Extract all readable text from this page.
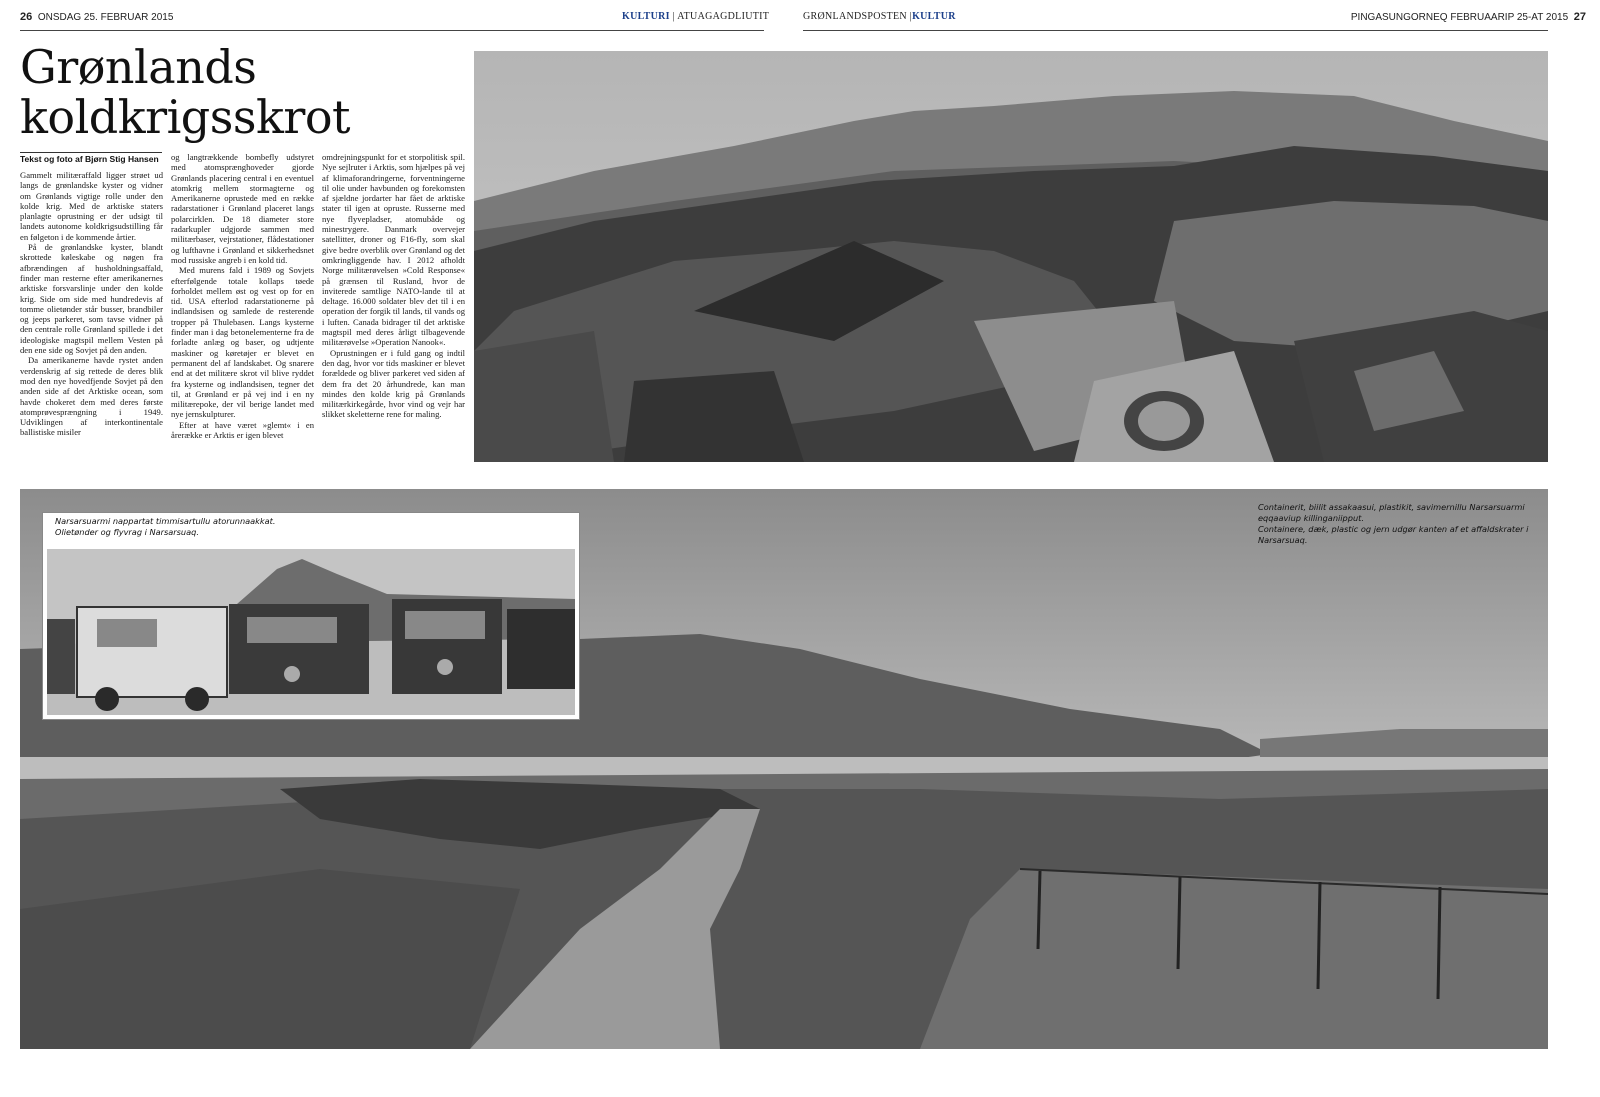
26 ONSDAG 25. FEBRUAR 2015	KULTURI | ATUAGAGDLIUTIT	GRØNLANDSPOSTEN |KULTUR	PINGASUNGORNEQ FEBRUAARIP 25-AT 2015 27
Grønlands
koldkrigsskrot
Tekst og foto af Bjørn Stig Hansen

Gammelt militæraffald ligger strøet ud langs de grønlandske kyster og vidner om Grønlands vigtige rolle under den kolde krig. Med de arktiske staters planlagte oprustning er der udsigt til landets autonome koldkrigsudstilling får en følgeton i de kommende årtier.

På de grønlandske kyster, blandt skrottede køleskabe og nøgen fra afbrændingen af husholdningsaffald, finder man resterne efter amerikanernes arktiske forsvarslinje under den kolde krig. Side om side med hundredevis af tomme olietønder står busser, brandbiler og jeeps parkeret, som tavse vidner på den centrale rolle Grønland spillede i det ideologiske magtspil mellem Vesten på den ene side og Sovjet på den anden.

Da amerikanerne havde rystet anden verdenskrig af sig rettede de deres blik mod den nye hovedfjende Sovjet på den anden side af det Arktiske ocean, som havde chokeret dem med deres første atomprøvesprængning i 1949. Udviklingen af interkontinentale ballistiske misiler

og langtrækkende bombefly udstyret med atomsprænghoveder gjorde Grønlands placering central i en eventuel atomkrig mellem stormagterne og Amerikanerne oprustede med en række radarstationer i Grønland placeret langs polarcirklen. De 18 diameter store radarkupler udgjorde sammen med militærbaser, vejrstationer, flådestationer og lufthavne i Grønland et sikkerhedsnet mod russiske angreb i en kold tid.

Med murens fald i 1989 og Sovjets efterfølgende totale kollaps tøede forholdet mellem øst og vest op for en tid. USA efterlod radarstationerne på indlandsisen og samlede de resterende tropper på Thulebasen. Langs kysterne finder man i dag betonelementerne fra de forladte anlæg og baser, og udtjente maskiner og køretøjer er blevet en permanent del af landskabet. Og snarere end at det militære skrot vil blive ryddet fra kysterne og indlandsisen, tegner det til, at Grønland er på vej ind i en ny militærepoke, der vil berige landet med nye jernskulpturer.

Efter at have været »glemt« i en årerække er Arktis er igen blevet

omdrejningspunkt for et storpolitisk spil. Nye sejlruter i Arktis, som hjælpes på vej af klimaforandringerne, forventningerne til olie under havbunden og forekomsten af sjældne jordarter har fået de arktiske stater til igen at opruste. Russerne med nye flyvepladser, atomubåde og minestrygere. Danmark overvejer satellitter, droner og F16-fly, som skal give bedre overblik over Grønland og det omkringliggende hav. I 2012 afholdt Norge militærøvelsen »Cold Response« på grænsen til Rusland, hvor de inviterede samtlige NATO-lande til at deltage. 16.000 soldater blev det til i en operation der forgik til lands, til vands og i luften. Canada bidrager til det arktiske magtspil med deres årligt tilbagevende militærøvelse »Operation Nanook«.

Oprustningen er i fuld gang og indtil den dag, hvor vor tids maskiner er blevet forældede og bliver parkeret ved siden af dem fra det 20 århundrede, kan man mindes den kolde krig på Grønlands militærkirkegårde, hvor vind og vejr har slikket skeletterne rene for maling.

Narsarsuarmi nappartat timmisartullu atorunnaakkat.
Olietønder og flyvrag i Narsarsuaq.
Containerit, biilit assakaasui, plastikit, savimernillu Narsarsuarmi
eqqaaviup killinganiipput.
Containere, dæk, plastic og jern udgør kanten af et affaldskrater i
Narsarsuaq.
